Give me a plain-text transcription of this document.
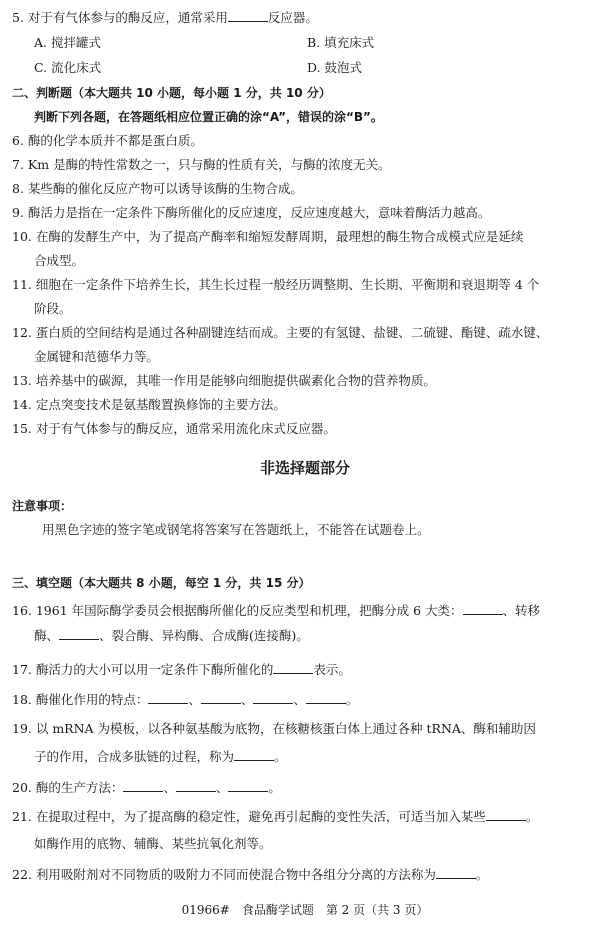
5. 对于有气体参与的酶反应，通常采用	反应器。
A. 搅拌罐式	B. 填充床式
C. 流化床式	D. 鼓泡式
二、判断题（本大题共 10 小题，每小题 1 分，共 10 分）
判断下列各题，在答题纸相应位置正确的涂“A”，错误的涂“B”。
6. 酶的化学本质并不都是蛋白质。
7. Km 是酶的特性常数之一，只与酶的性质有关，与酶的浓度无关。
8. 某些酶的催化反应产物可以诱导该酶的生物合成。
9. 酶活力是指在一定条件下酶所催化的反应速度，反应速度越大，意味着酶活力越高。
10. 在酶的发酵生产中，为了提高产酶率和缩短发酵周期，最理想的酶生物合成模式应是延续
合成型。
11. 细胞在一定条件下培养生长，其生长过程一般经历调整期、生长期、平衡期和衰退期等 4 个
阶段。
12. 蛋白质的空间结构是通过各种副键连结而成。主要的有氢键、盐键、二硫键、酯键、疏水键、
金属键和范德华力等。
13. 培养基中的碳源，其唯一作用是能够向细胞提供碳素化合物的营养物质。
14. 定点突变技术是氨基酸置换修饰的主要方法。
15. 对于有气体参与的酶反应，通常采用流化床式反应器。
非选择题部分
注意事项：
用黑色字迹的签字笔或钢笔将答案写在答题纸上，不能答在试题卷上。
三、填空题（本大题共 8 小题，每空 1 分，共 15 分）
16. 1961 年国际酶学委员会根据酶所催化的反应类型和机理，把酶分成 6 大类：	、转移
酶、	、裂合酶、异构酶、合成酶(连接酶)。
17. 酶活力的大小可以用一定条件下酶所催化的	表示。
18. 酶催化作用的特点：	、	、	、	。
19. 以 mRNA 为模板，以各种氨基酸为底物，在核糖核蛋白体上通过各种 tRNA、酶和辅助因
子的作用，合成多肽链的过程，称为	。
20. 酶的生产方法：	、	、	。
21. 在提取过程中，为了提高酶的稳定性，避免再引起酶的变性失活，可适当加入某些	。
如酶作用的底物、辅酶、某些抗氧化剂等。
22. 利用吸附剂对不同物质的吸附力不同而使混合物中各组分分离的方法称为	。
01966#　食品酶学试题　第 2 页（共 3 页）
